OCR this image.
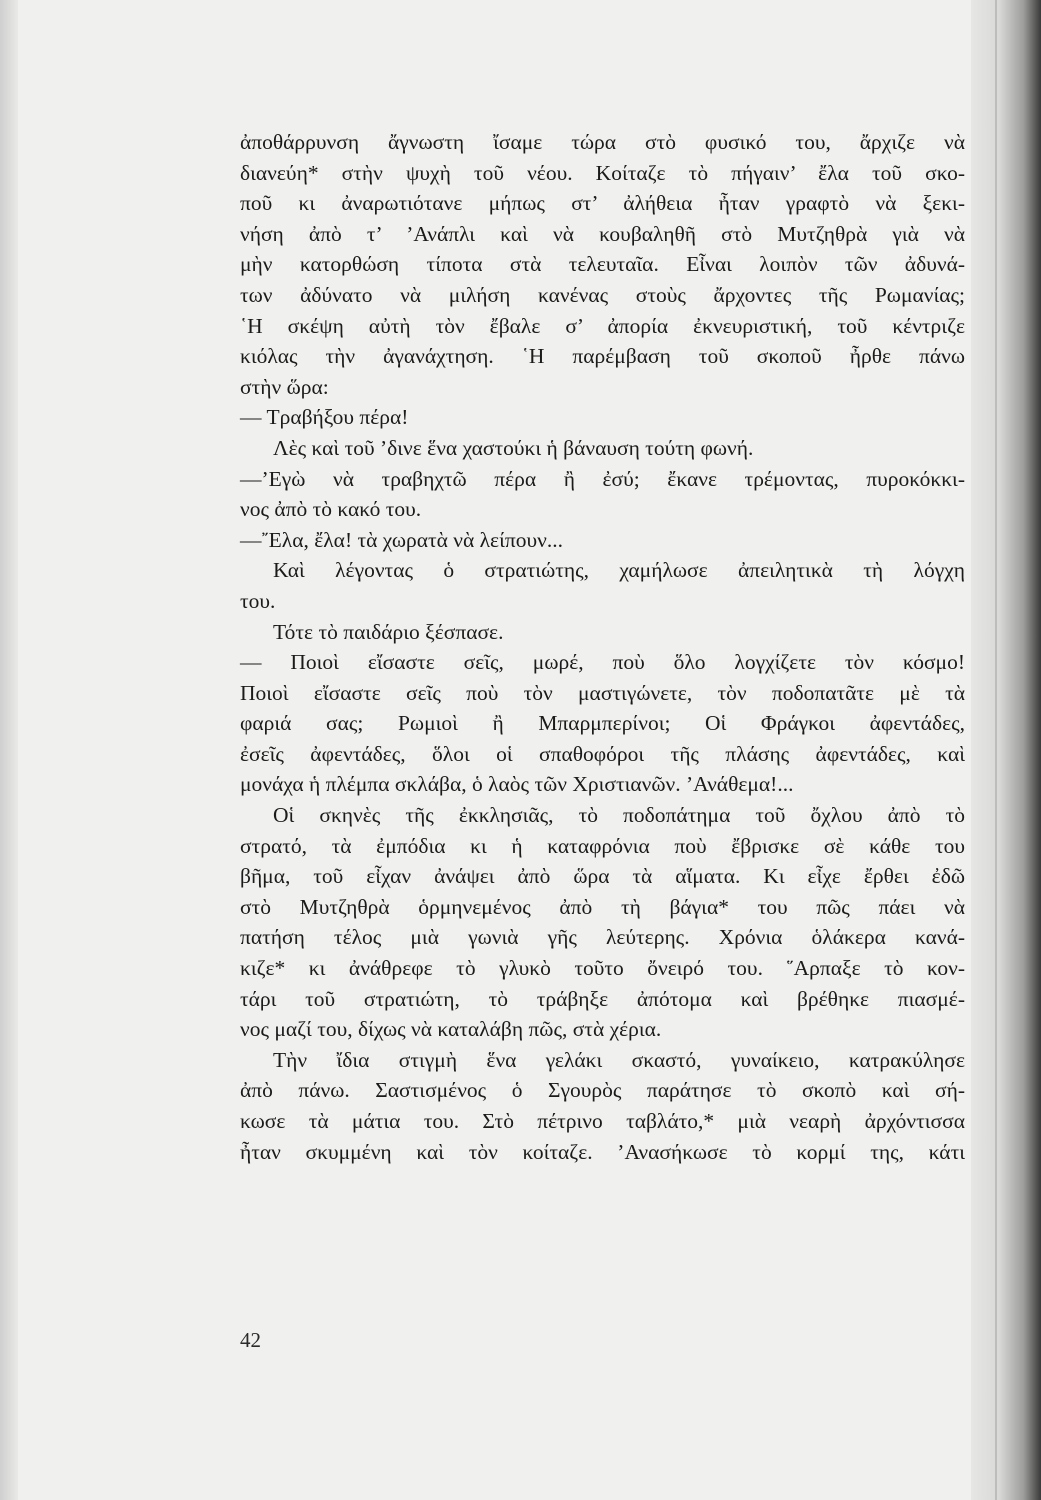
ἀποθάρρυνση ἄγνωστη ἴσαμε τώρα στὸ φυσικό του, ἄρχιζε νὰ
διανεύη* στὴν ψυχὴ τοῦ νέου. Κοίταζε τὸ πήγαιν’ ἔλα τοῦ σκο-
ποῦ κι ἀναρωτιότανε μήπως στ’ ἀλήθεια ἦταν γραφτὸ νὰ ξεκι-
νήση ἀπὸ τ’ ’Ανάπλι καὶ νὰ κουβαληθῆ στὸ Μυτζηθρὰ γιὰ νὰ
μὴν κατορθώση τίποτα στὰ τελευταῖα. Εἶναι λοιπὸν τῶν ἀδυνά-
των ἀδύνατο νὰ μιλήση κανένας στοὺς ἄρχοντες τῆς Ρωμανίας;
῾Η σκέψη αὐτὴ τὸν ἔβαλε σ’ ἀπορία ἐκνευριστική, τοῦ κέντριζε
κιόλας τὴν ἀγανάχτηση. ῾Η παρέμβαση τοῦ σκοποῦ ἦρθε πάνω
στὴν ὥρα:
— Τραβήξου πέρα!
Λὲς καὶ τοῦ ’δινε ἕνα χαστούκι ἡ βάναυση τούτη φωνή.
—’Εγὼ νὰ τραβηχτῶ πέρα ἢ ἐσύ; ἔκανε τρέμοντας, πυροκόκκι-
νος ἀπὸ τὸ κακό του.
—῎Ελα, ἔλα! τὰ χωρατὰ νὰ λείπουν...
Καὶ λέγοντας ὁ στρατιώτης, χαμήλωσε ἀπειλητικὰ τὴ λόγχη
του.
Τότε τὸ παιδάριο ξέσπασε.
— Ποιοὶ εἴσαστε σεῖς, μωρέ, ποὺ ὅλο λογχίζετε τὸν κόσμο!
Ποιοὶ εἴσαστε σεῖς ποὺ τὸν μαστιγώνετε, τὸν ποδοπατᾶτε μὲ τὰ
φαριά σας; Ρωμιοὶ ἢ Μπαρμπερίνοι; Οἱ Φράγκοι ἀφεντάδες,
ἐσεῖς ἀφεντάδες, ὅλοι οἱ σπαθοφόροι τῆς πλάσης ἀφεντάδες, καὶ
μονάχα ἡ πλέμπα σκλάβα, ὁ λαὸς τῶν Χριστιανῶν. ’Ανάθεμα!...
Οἱ σκηνὲς τῆς ἐκκλησιᾶς, τὸ ποδοπάτημα τοῦ ὄχλου ἀπὸ τὸ
στρατό, τὰ ἐμπόδια κι ἡ καταφρόνια ποὺ ἔβρισκε σὲ κάθε του
βῆμα, τοῦ εἶχαν ἀνάψει ἀπὸ ὥρα τὰ αἵματα. Κι εἶχε ἔρθει ἐδῶ
στὸ Μυτζηθρὰ ὁρμηνεμένος ἀπὸ τὴ βάγια* του πῶς πάει νὰ
πατήση τέλος μιὰ γωνιὰ γῆς λεύτερης. Χρόνια ὁλάκερα κανά-
κιζε* κι ἀνάθρεφε τὸ γλυκὸ τοῦτο ὄνειρό του. ῞Αρπαξε τὸ κον-
τάρι τοῦ στρατιώτη, τὸ τράβηξε ἀπότομα καὶ βρέθηκε πιασμέ-
νος μαζί του, δίχως νὰ καταλάβη πῶς, στὰ χέρια.
Τὴν ἴδια στιγμὴ ἕνα γελάκι σκαστό, γυναίκειο, κατρακύλησε
ἀπὸ πάνω. Σαστισμένος ὁ Σγουρὸς παράτησε τὸ σκοπὸ καὶ σή-
κωσε τὰ μάτια του. Στὸ πέτρινο ταβλάτο,* μιὰ νεαρὴ ἀρχόντισσα
ἦταν σκυμμένη καὶ τὸν κοίταζε. ’Ανασήκωσε τὸ κορμί της, κάτι
42
